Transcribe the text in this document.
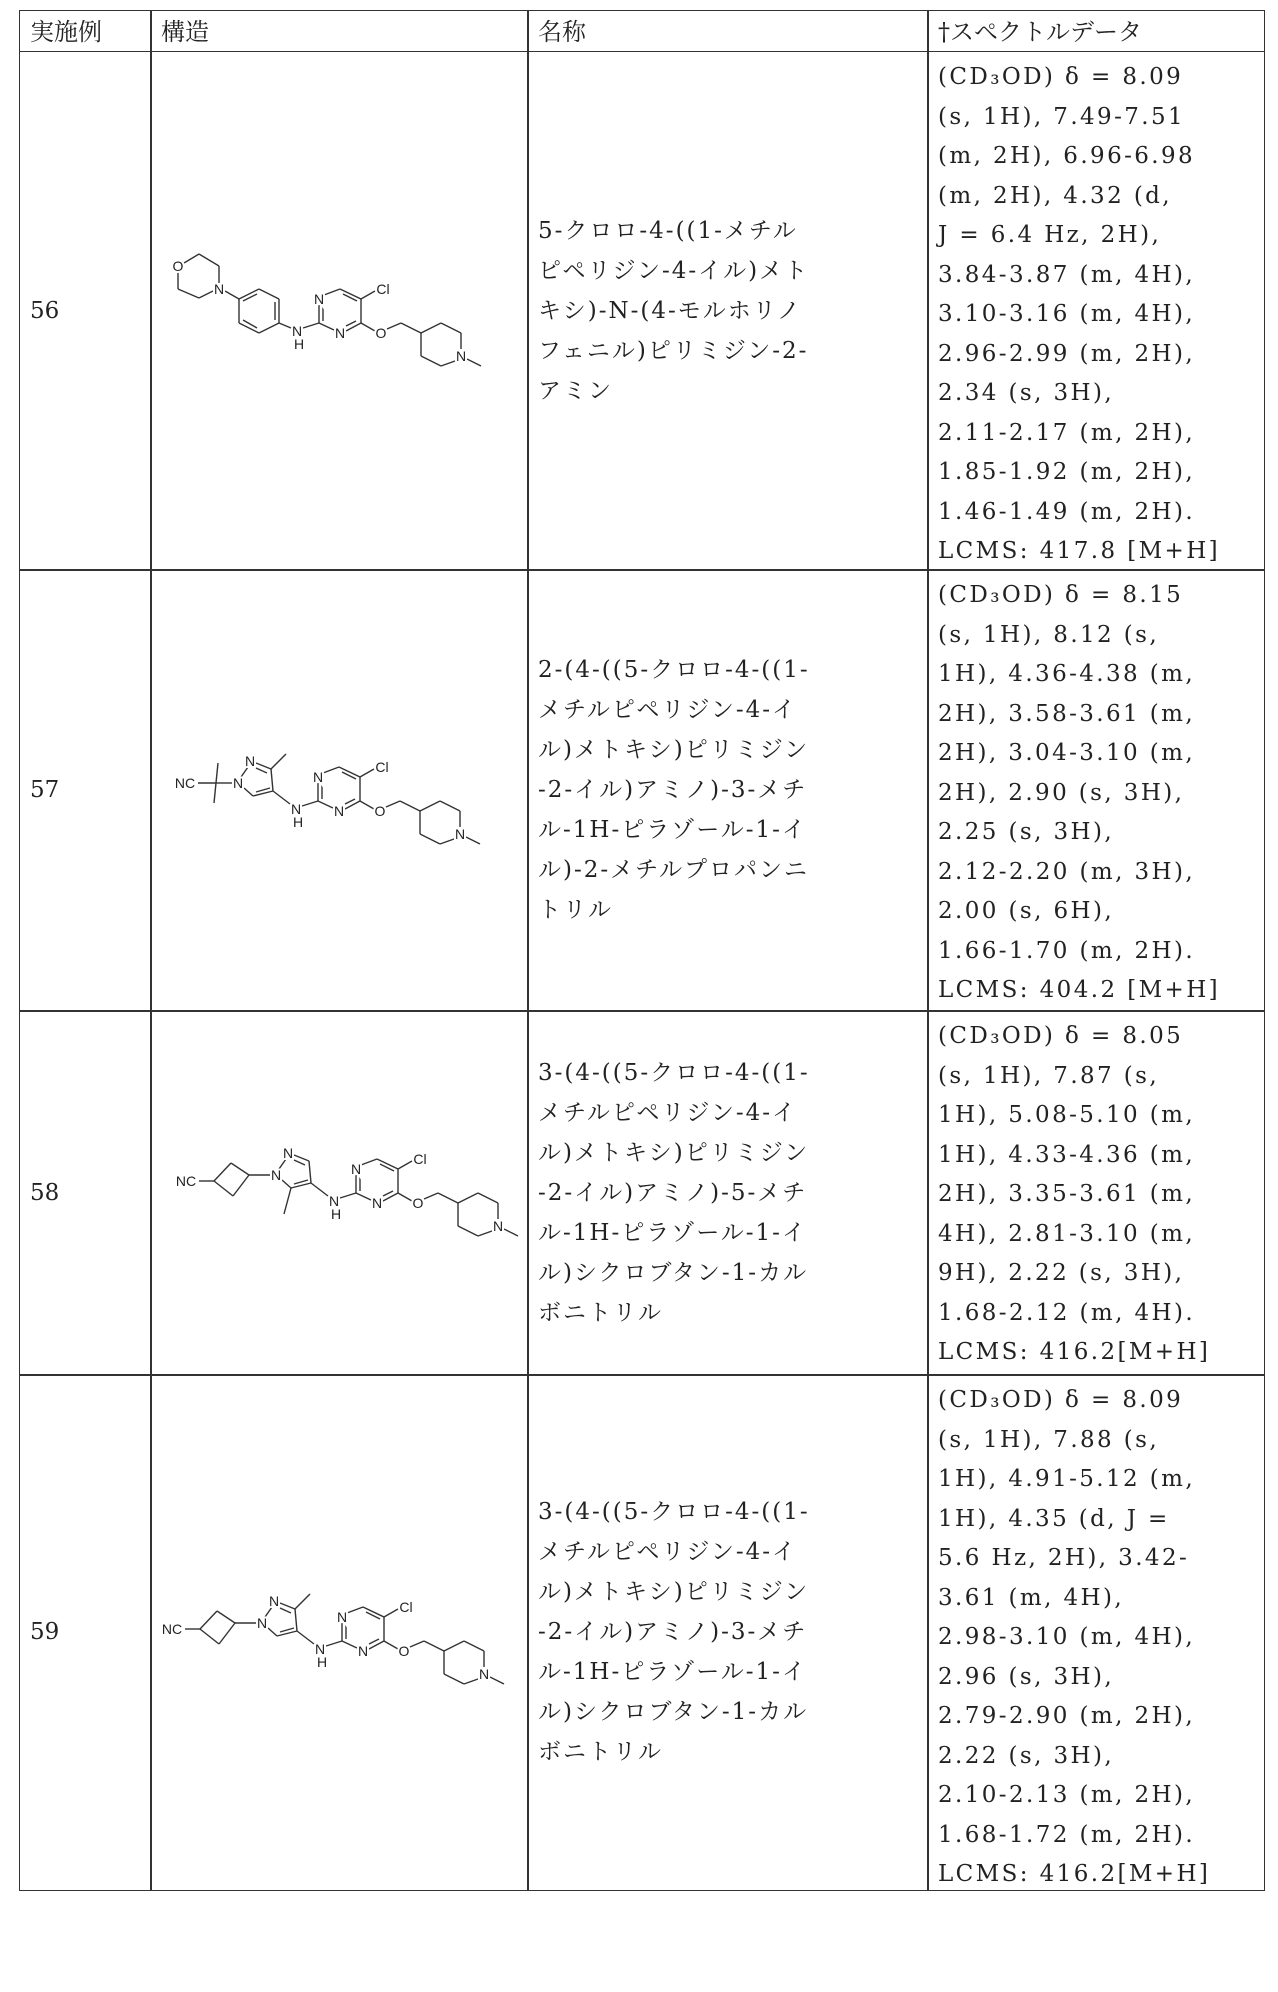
実施例	構造	名称	†スペクトルデータ
56
N
H
N
N
Cl
O
N
N
O
5-クロロ-4-((1-メチル
ピペリジン-4-イル)メト
キシ)-N-(4-モルホリノ
フェニル)ピリミジン-2-
アミン
(CD₃OD) δ = 8.09
(s, 1H), 7.49-7.51
(m, 2H), 6.96-6.98
(m, 2H), 4.32 (d,
J = 6.4 Hz, 2H),
3.84-3.87 (m, 4H),
3.10-3.16 (m, 4H),
2.96-2.99 (m, 2H),
2.34 (s, 3H),
2.11-2.17 (m, 2H),
1.85-1.92 (m, 2H),
1.46-1.49 (m, 2H).
LCMS: 417.8 [M+H]
57
N
H
N
N
Cl
O
N
N
N
NC
2-(4-((5-クロロ-4-((1-
メチルピペリジン-4-イ
ル)メトキシ)ピリミジン
-2-イル)アミノ)-3-メチ
ル-1H-ピラゾール-1-イ
ル)-2-メチルプロパンニ
トリル
(CD₃OD) δ = 8.15
(s, 1H), 8.12 (s,
1H), 4.36-4.38 (m,
2H), 3.58-3.61 (m,
2H), 3.04-3.10 (m,
2H), 2.90 (s, 3H),
2.25 (s, 3H),
2.12-2.20 (m, 3H),
2.00 (s, 6H),
1.66-1.70 (m, 2H).
LCMS: 404.2 [M+H]
58	N
H
N
N
Cl
O
N
N
N
NC
3-(4-((5-クロロ-4-((1-
メチルピペリジン-4-イ
ル)メトキシ)ピリミジン
-2-イル)アミノ)-5-メチ
ル-1H-ピラゾール-1-イ
ル)シクロブタン-1-カル
ボニトリル
(CD₃OD) δ = 8.05
(s, 1H), 7.87 (s,
1H), 5.08-5.10 (m,
1H), 4.33-4.36 (m,
2H), 3.35-3.61 (m,
4H), 2.81-3.10 (m,
9H), 2.22 (s, 3H),
1.68-2.12 (m, 4H).
LCMS: 416.2[M+H]
59
N
H
N
N
Cl
O
N
N
N
NC
3-(4-((5-クロロ-4-((1-
メチルピペリジン-4-イ
ル)メトキシ)ピリミジン
-2-イル)アミノ)-3-メチ
ル-1H-ピラゾール-1-イ
ル)シクロブタン-1-カル
ボニトリル
(CD₃OD) δ = 8.09
(s, 1H), 7.88 (s,
1H), 4.91-5.12 (m,
1H), 4.35 (d, J =
5.6 Hz, 2H), 3.42-
3.61 (m, 4H),
2.98-3.10 (m, 4H),
2.96 (s, 3H),
2.79-2.90 (m, 2H),
2.22 (s, 3H),
2.10-2.13 (m, 2H),
1.68-1.72 (m, 2H).
LCMS: 416.2[M+H]
